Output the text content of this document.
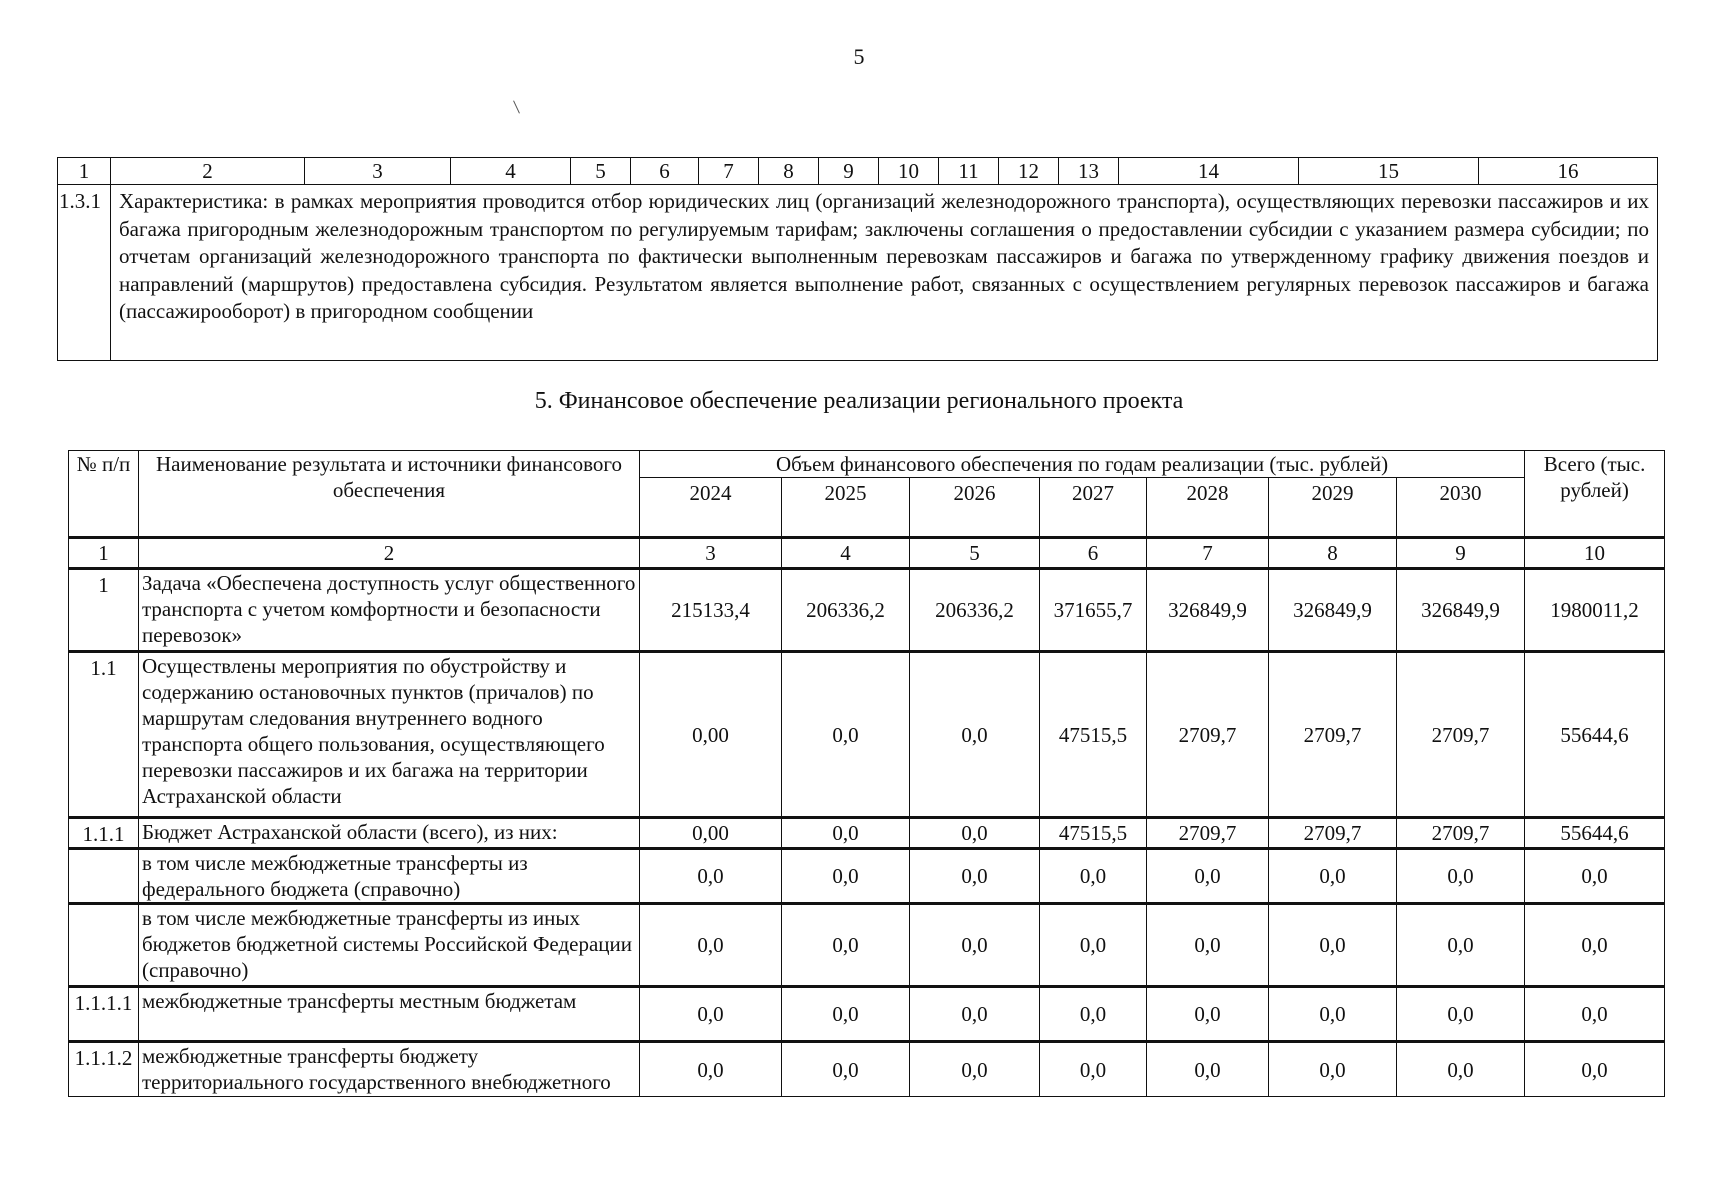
5
1	2	3	4	5	6	7	8	9	10	11	12	13	14	15	16
1.3.1	Характеристика: в рамках мероприятия проводится отбор юридических лиц (организаций железнодорожного транспорта), осуществляющих перевозки пассажиров и их багажа пригородным железнодорожным транспортом по регулируемым тарифам; заключены соглашения о предоставлении субсидии с указанием размера субсидии; по отчетам организаций железнодорожного транспорта по фактически выполненным перевозкам пассажиров и багажа по утвержденному графику движения поездов и направлений (маршрутов) предоставлена субсидия. Результатом является выполнение работ, связанных с осуществлением регулярных перевозок пассажиров и багажа (пассажирооборот) в пригородном сообщении														
5. Финансовое обеспечение реализации регионального проекта
№ п/п	Наименование результата и источники финансового обеспечения	Объем финансового обеспечения по годам реализации (тыс. рублей)							Всего (тыс. рублей)
		2024	2025	2026	2027	2028	2029	2030	
1	2	3	4	5	6	7	8	9	10
1	Задача «Обеспечена доступность услуг общественного транспорта с учетом комфортности и безопасности перевозок»	215133,4	206336,2	206336,2	371655,7	326849,9	326849,9	326849,9	1980011,2
1.1	Осуществлены мероприятия по обустройству и содержанию остановочных пунктов (причалов) по маршрутам следования внутреннего водного транспорта общего пользования, осуществляющего перевозки пассажиров и их багажа на территории Астраханской области	0,00	0,0	0,0	47515,5	2709,7	2709,7	2709,7	55644,6
1.1.1	Бюджет Астраханской области (всего), из них:	0,00	0,0	0,0	47515,5	2709,7	2709,7	2709,7	55644,6
	в том числе межбюджетные трансферты из федерального бюджета (справочно)	0,0	0,0	0,0	0,0	0,0	0,0	0,0	0,0
	в том числе межбюджетные трансферты из иных бюджетов бюджетной системы Российской Федерации (справочно)	0,0	0,0	0,0	0,0	0,0	0,0	0,0	0,0
1.1.1.1	межбюджетные трансферты местным бюджетам	0,0	0,0	0,0	0,0	0,0	0,0	0,0	0,0
1.1.1.2	межбюджетные трансферты бюджету территориального государственного внебюджетного	0,0	0,0	0,0	0,0	0,0	0,0	0,0	0,0
